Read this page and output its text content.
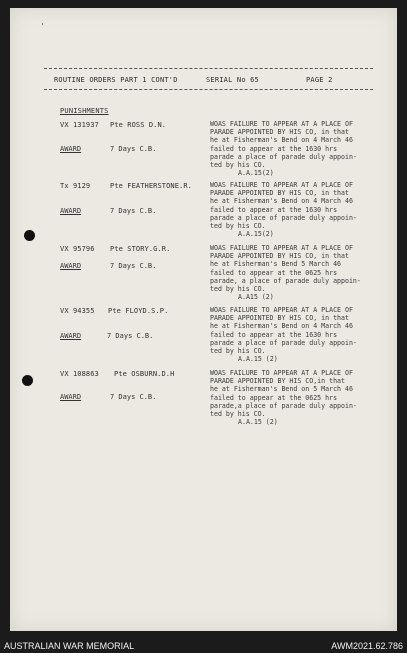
'
ROUTINE ORDERS PART 1 CONT'D	SERIAL No 65	PAGE 2
PUNISHMENTS
VX 131937 Pte ROSS D.N.
AWARD	7 Days C.B.
WOAS FAILURE TO APPEAR AT A PLACE OF
PARADE APPOINTED BY HIS CO, in that
he at Fisherman's Bend on 4 March 46
failed to appear at the 1630 hrs
parade a place of parade duly appoin-
ted by his CO.
A.A.15(2)
Tx 9129	Pte FEATHERSTONE.R.
AWARD	7 Days C.B.
WOAS FAILURE TO APPEAR AT A PLACE OF
PARADE APPOINTED BY HIS CO, in that
he at Fisherman's Bend on 4 March 46
failed to appear at the 1630 hrs
parade a place of parade duly appoin-
ted by his CO.
A.A.15(2)
VX 95796 Pte STORY.G.R.
AWARD	7 Days C.B.
WOAS FAILURE TO APPEAR AT A PLACE OF
PARADE APPOINTED BY HIS CO, in that
he at Fisherman's Bend 5 March 46
failed to appear at the 0625 hrs
parade, a place of parade duly appoin-
ted by his CO.
A.A15 (2)
VX 94355 Pte FLOYD.S.P.
AWARD	7 Days C.B.
WOAS FAILURE TO APPEAR AT A PLACE OF
PARADE APPOINTED BY HIS CO, in that
he at Fisherman's Bend on 4 March 46
failed to appear at the 1630 hrs
parade a place of parade duly appoin-
ted by his CO.
A.A.15 (2)
VX 108863 Pte OSBURN.D.H
AWARD	7 Days C.B.
WOAS FAILURE TO APPEAR AT A PLACE OF
PARADE APPOINTED BY HIS CO,in that
he at Fisherman's Bend on 5 March 46
failed to appear at the 0625 hrs
parade,a place of parade duly appoin-
ted by his CO.
A.A.15 (2)
AUSTRALIAN WAR MEMORIAL	AWM2021.62.786
